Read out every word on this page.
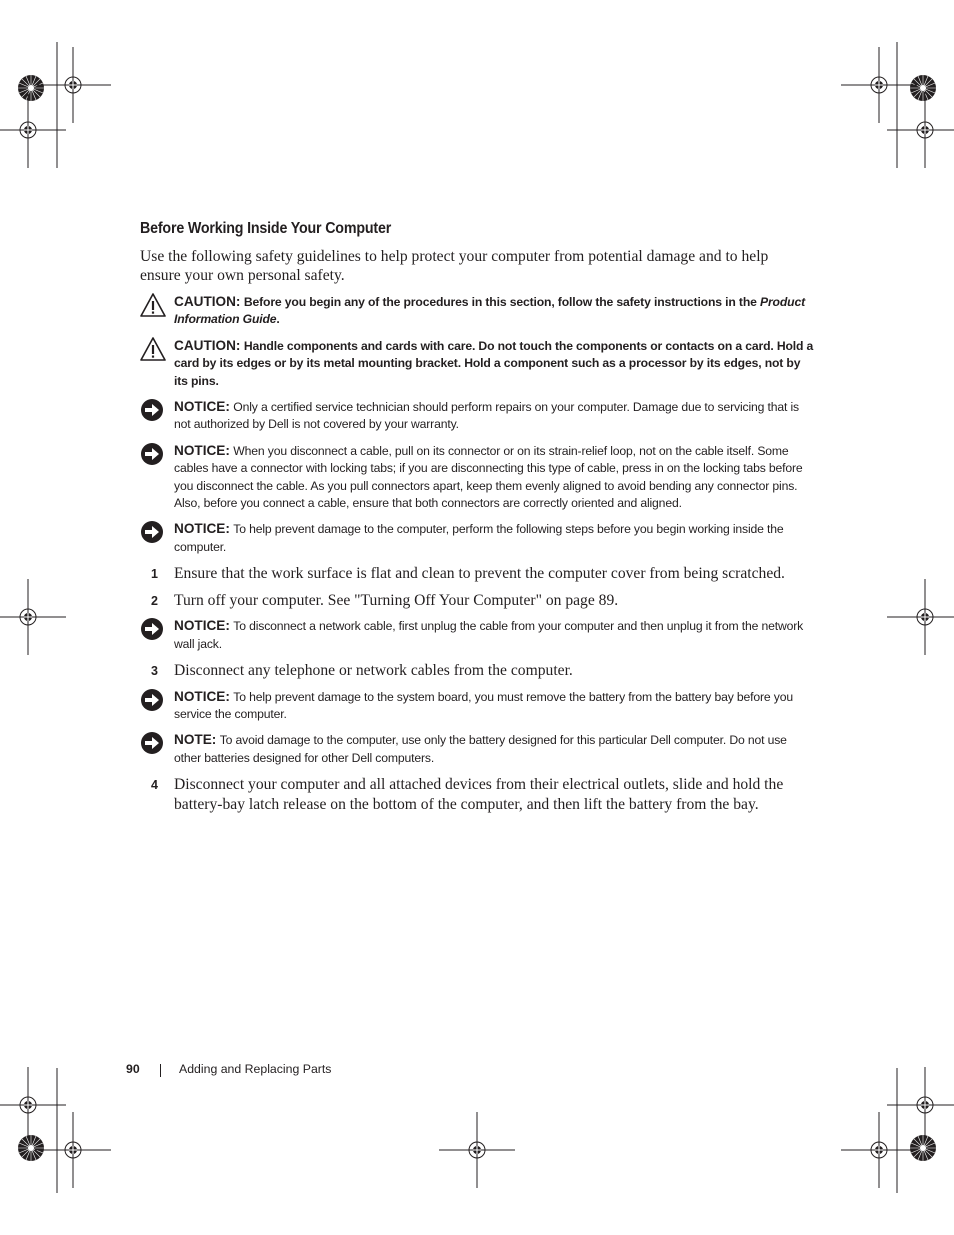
Before Working Inside Your Computer

Use the following safety guidelines to help protect your computer from potential damage and to help ensure your own personal safety.

CAUTION: Before you begin any of the procedures in this section, follow the safety instructions in the Product Information Guide.
CAUTION: Handle components and cards with care. Do not touch the components or contacts on a card. Hold a card by its edges or by its metal mounting bracket. Hold a component such as a processor by its edges, not by its pins.
NOTICE: Only a certified service technician should perform repairs on your computer. Damage due to servicing that is not authorized by Dell is not covered by your warranty.
NOTICE: When you disconnect a cable, pull on its connector or on its strain-relief loop, not on the cable itself. Some cables have a connector with locking tabs; if you are disconnecting this type of cable, press in on the locking tabs before you disconnect the cable. As you pull connectors apart, keep them evenly aligned to avoid bending any connector pins. Also, before you connect a cable, ensure that both connectors are correctly oriented and aligned.
NOTICE: To help prevent damage to the computer, perform the following steps before you begin working inside the computer.
1 Ensure that the work surface is flat and clean to prevent the computer cover from being scratched.
2 Turn off your computer. See "Turning Off Your Computer" on page 89.
NOTICE: To disconnect a network cable, first unplug the cable from your computer and then unplug it from the network wall jack.
3 Disconnect any telephone or network cables from the computer.
NOTICE: To help prevent damage to the system board, you must remove the battery from the battery bay before you service the computer.
NOTE: To avoid damage to the computer, use only the battery designed for this particular Dell computer. Do not use other batteries designed for other Dell computers.
4 Disconnect your computer and all attached devices from their electrical outlets, slide and hold the battery-bay latch release on the bottom of the computer, and then lift the battery from the bay.
90	Adding and Replacing Parts
